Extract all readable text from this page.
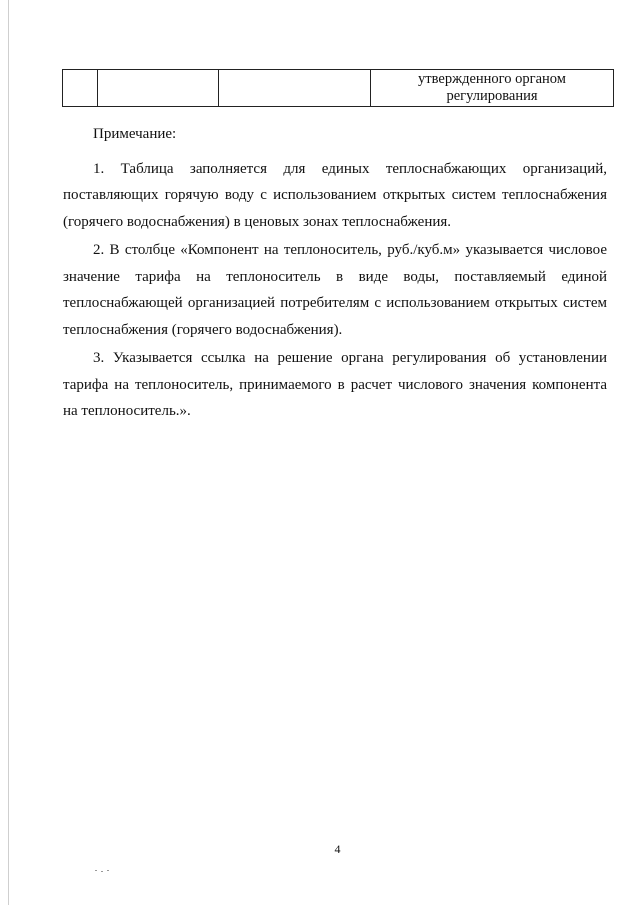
утвержденного органом
регулирования

Примечание:

1. Таблица заполняется для единых теплоснабжающих организаций, поставляющих горячую воду с использованием открытых систем теплоснабжения (горячего водоснабжения) в ценовых зонах теплоснабжения.

2. В столбце «Компонент на теплоноситель, руб./куб.м» указывается числовое значение тарифа на теплоноситель в виде воды, поставляемый единой теплоснабжающей организацией потребителям с использованием открытых систем теплоснабжения (горячего водоснабжения).

3. Указывается ссылка на решение органа регулирования об установлении тарифа на теплоноситель, принимаемого в расчет числового значения компонента на теплоноситель.».

4
